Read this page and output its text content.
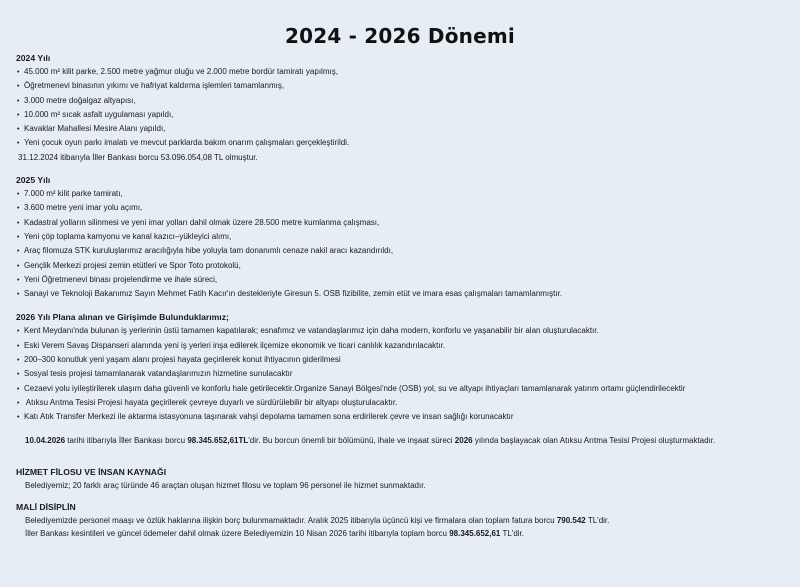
2024 - 2026 Dönemi
2024 Yılı
• 45.000 m² kilit parke, 2.500 metre yağmur oluğu ve 2.000 metre bordür tamiratı yapılmış,
• Öğretmenevi binasının yıkımı ve hafriyat kaldırma işlemleri tamamlanmış,
• 3.000 metre doğalgaz altyapısı,
• 10.000 m² sıcak asfalt uygulaması yapıldı,
• Kavaklar Mahallesi Mesire Alanı yapıldı,
• Yeni çocuk oyun parkı imalatı ve mevcut parklarda bakım onarım çalışmaları gerçekleştirildi.
31.12.2024 itibarıyla İller Bankası borcu 53.096.054,08 TL olmuştur.
2025 Yılı
• 7.000 m² kilit parke tamiratı,
• 3.600 metre yeni imar yolu açımı,
• Kadastral yolların silinmesi ve yeni imar yolları dahil olmak üzere 28.500 metre kumlanma çalışması,
• Yeni çöp toplama kamyonu ve kanal kazıcı–yükleyici alımı,
• Araç filomuza STK kuruluşlarımız aracılığıyla hibe yoluyla tam donanımlı cenaze nakil aracı kazandırıldı,
• Gençlik Merkezi projesi zemin etütleri ve Spor Toto protokolü,
• Yeni Öğretmenevi binası projelendirme ve ihale süreci,
• Sanayi ve Teknoloji Bakanımız Sayın Mehmet Fatih Kacır'ın destekleriyle Giresun 5. OSB fizibilite, zemin etüt ve imara esas çalışmaları tamamlanmıştır.
2026 Yılı Plana alınan ve Girişimde Bulunduklarımız;
• Kent Meydanı'nda bulunan iş yerlerinin üstü tamamen kapatılarak; esnafımız ve vatandaşlarımız için daha modern, konforlu ve yaşanabilir bir alan oluşturulacaktır.
• Eski Verem Savaş Dispanseri alanında yeni iş yerleri inşa edilerek ilçemize ekonomik ve ticari canlılık kazandırılacaktır.
• 200–300 konutluk yeni yaşam alanı projesi hayata geçirilerek konut ihtiyacının giderilmesi
• Sosyal tesis projesi tamamlanarak vatandaşlarımızın hizmetine sunulacaktır
• Cezaevi yolu iyileştirilerek ulaşım daha güvenli ve konforlu hale getirilecektir.Organize Sanayi Bölgesi'nde (OSB) yol, su ve altyapı ihtiyaçları tamamlanarak yatırım ortamı güçlendirilecektir
• Atıksu Arıtma Tesisi Projesi hayata geçirilerek çevreye duyarlı ve sürdürülebilir bir altyapı oluşturulacaktır.
• Katı Atık Transfer Merkezi ile aktarma istasyonuna taşınarak vahşi depolama tamamen sona erdirilerek çevre ve insan sağlığı korunacaktır
10.04.2026 tarihi itibarıyla İller Bankası borcu 98.345.652,61TL'dir. Bu borcun önemli bir bölümünü, ihale ve inşaat süreci 2026 yılında başlayacak olan Atıksu Arıtma Tesisi Projesi oluşturmaktadır.
HİZMET FİLOSU VE İNSAN KAYNAĞI
Belediyemiz; 20 farklı araç türünde 46 araçtan oluşan hizmet filosu ve toplam 96 personel ile hizmet sunmaktadır.
MALİ DİSİPLİN
Belediyemizde personel maaşı ve özlük haklarına ilişkin borç bulunmamaktadır. Aralık 2025 itibarıyla üçüncü kişi ve firmalara olan toplam fatura borcu 790.542 TL'dir.
İller Bankası kesintileri ve güncel ödemeler dahil olmak üzere Belediyemizin 10 Nisan 2026 tarihi itibarıyla toplam borcu 98.345.652,61 TL'dir.
